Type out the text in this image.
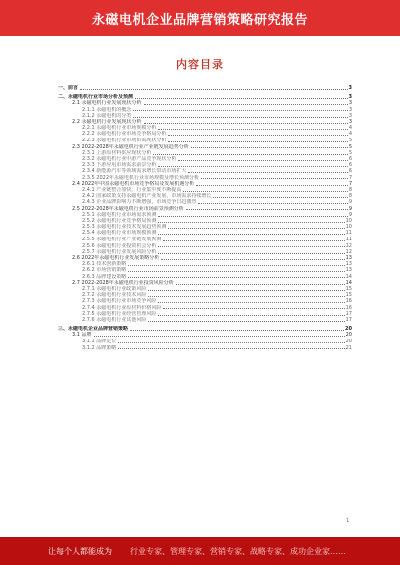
永磁电机企业品牌营销策略研究报告
内容目录
一、前言	3
二、永磁电机行业市场分析及预测	3
2.1 永磁电机行业发展现状分析	3
2.1.1 永磁电机的概念	3
2.1.2 永磁电机的分类	3
2.2 永磁电机行业发展现状分析	3
2.2.1 永磁电机行业市场规模分析	4
2.2.2 永磁电机行业市场竞争格局分析	4
2.2.3 永磁电机行业市场供需现状分析	5
2.3 2022-2028年永磁电机行业产业链发展趋势分析	5
2.3.1 上游原材料供应现状分析	5
2.3.2 永磁电机行业中游产品竞争现状分析	6
2.3.3 下游应用市场需求前景分析	6
2.3.4 新能源汽车等领域需求增长带动市场扩大	6
2.3.5 2022年永磁电机行业市场规模及增长预测分析	7
2.4 2022年中国永磁电机市场竞争格局及发展机遇分析	7
2.4.1 产业链整合加快，行业集中度不断提高	8
2.4.2 国家政策支持永磁电机产业发展，市场需求持续增长	8
2.4.3 企业品牌影响力不断增强，市场竞争日趋激烈	9
2.5 2022-2028年永磁电机行业市场前景预测分析	9
2.5.1 永磁电机行业市场需求预测	9
2.5.2 永磁电机行业竞争格局预测	10
2.5.3 永磁电机行业技术发展趋势预测	10
2.5.4 永磁电机行业市场规模预测	11
2.5.5 永磁电机行业产业链发展预测	11
2.5.6 永磁电机行业投资机会分析	12
2.5.7 永磁电机行业发展风险分析	12
2.6 2022年永磁电机行业发展策略分析	13
2.6.1 技术创新策略	13
2.6.2 市场营销策略	13
2.6.3 品牌建设策略	14
2.7 2022-2028年永磁电机行业投资风险分析	14
2.7.1 永磁电机行业政策风险	15
2.7.2 永磁电机行业技术风险	15
2.7.3 永磁电机行业市场竞争风险	16
2.7.4 永磁电机行业原材料价格风险	16
2.7.5 永磁电机行业经营管理风险	17
2.7.6 永磁电机行业其他风险	17
三、永磁电机企业品牌营销策略	20
3.1 品牌	20
3.1.1 品牌定位	20
3.1.2 品牌策略	21
1
让每个人都能成为	行业专家、管理专家、营销专家、战略专家、成功企业家……
